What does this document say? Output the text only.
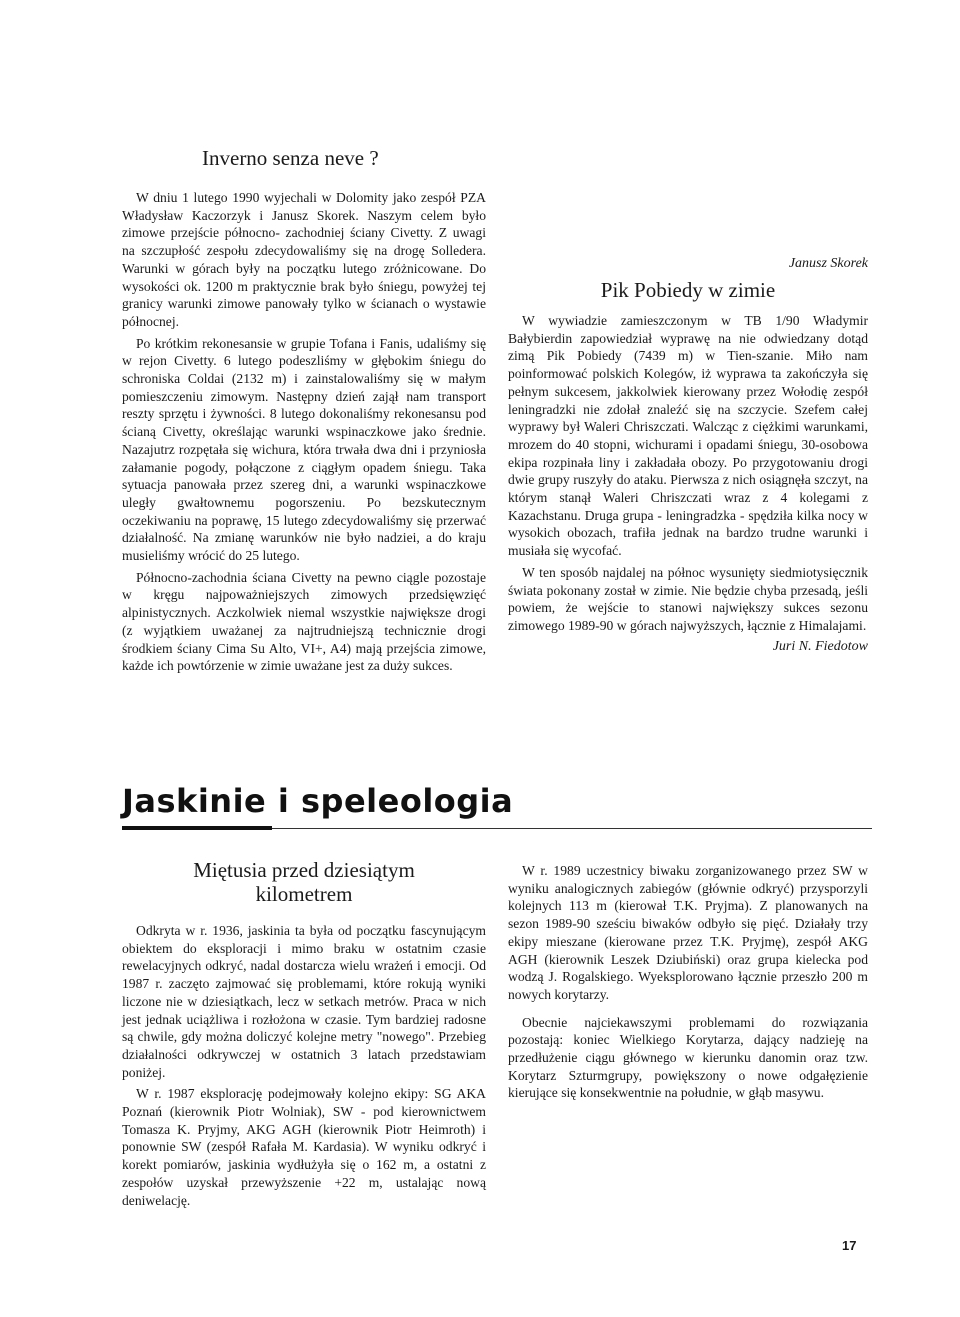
Inverno senza neve ?

W dniu 1 lutego 1990 wyjechali w Dolomity jako zespół PZA Władysław Kaczorzyk i Janusz Skorek. Naszym celem było zimowe przejście północno- zachodniej ściany Civetty. Z uwagi na szczupłość zespołu zdecydowaliśmy się na drogę Solledera. Warunki w górach były na początku lutego zróżnicowane. Do wysokości ok. 1200 m praktycznie brak było śniegu, powyżej tej granicy warunki zimowe panowały tylko w ścianach o wystawie północnej.

Po krótkim rekonesansie w grupie Tofana i Fanis, udaliśmy się w rejon Civetty. 6 lutego podeszliśmy w głębokim śniegu do schroniska Coldai (2132 m) i zainstalowaliśmy się w małym pomieszczeniu zimowym. Następny dzień zajął nam transport reszty sprzętu i żywności. 8 lutego dokonaliśmy rekonesansu pod ścianą Civetty, określając warunki wspinaczkowe jako średnie. Nazajutrz rozpętała się wichura, która trwała dwa dni i przyniosła załamanie pogody, połączone z ciągłym opadem śniegu. Taka sytuacja panowała przez szereg dni, a warunki wspinaczkowe uległy gwałtownemu pogorszeniu. Po bezskutecznym oczekiwaniu na poprawę, 15 lutego zdecydowaliśmy się przerwać działalność. Na zmianę warunków nie było nadziei, a do kraju musieliśmy wrócić do 25 lutego.

Północno-zachodnia ściana Civetty na pewno ciągle pozostaje w kręgu najpoważniejszych zimowych przedsięwzięć alpinistycznych. Aczkolwiek niemal wszystkie największe drogi (z wyjątkiem uważanej za najtrudniejszą technicznie drogi środkiem ściany Cima Su Alto, VI+, A4) mają przejścia zimowe, każde ich powtórzenie w zimie uważane jest za duży sukces.

Janusz Skorek

Pik Pobiedy w zimie

W wywiadzie zamieszczonym w TB 1/90 Władymir Bałybierdin zapowiedział wyprawę na nie odwiedzany dotąd zimą Pik Pobiedy (7439 m) w Tien-szanie. Miło nam poinformować polskich Kolegów, iż wyprawa ta zakończyła się pełnym sukcesem, jakkolwiek kierowany przez Wołodię zespół leningradzki nie zdołał znaleźć się na szczycie. Szefem całej wyprawy był Waleri Chriszczati. Walcząc z ciężkimi warunkami, mrozem do 40 stopni, wichurami i opadami śniegu, 30-osobowa ekipa rozpinała liny i zakładała obozy. Po przygotowaniu drogi dwie grupy ruszyły do ataku. Pierwsza z nich osiągnęła szczyt, na którym stanął Waleri Chriszczati wraz z 4 kolegami z Kazachstanu. Druga grupa - leningradzka - spędziła kilka nocy w wysokich obozach, trafiła jednak na bardzo trudne warunki i musiała się wycofać.

W ten sposób najdalej na północ wysunięty siedmiotysięcznik świata pokonany został w zimie. Nie będzie chyba przesadą, jeśli powiem, że wejście to stanowi największy sukces sezonu zimowego 1989-90 w górach najwyższych, łącznie z Himalajami.

Juri N. Fiedotow

Jaskinie i speleologia
Miętusia przed dziesiątym kilometrem

Odkryta w r. 1936, jaskinia ta była od początku fascynującym obiektem do eksploracji i mimo braku w ostatnim czasie rewelacyjnych odkryć, nadal dostarcza wielu wrażeń i emocji. Od 1987 r. zaczęto zajmować się problemami, które rokują wyniki liczone nie w dziesiątkach, lecz w setkach metrów. Praca w nich jest jednak uciążliwa i rozłożona w czasie. Tym bardziej radosne są chwile, gdy można doliczyć kolejne metry "nowego". Przebieg działalności odkrywczej w ostatnich 3 latach przedstawiam poniżej.

W r. 1987 eksplorację podejmowały kolejno ekipy: SG AKA Poznań (kierownik Piotr Wolniak), SW - pod kierownictwem Tomasza K. Pryjmy, AKG AGH (kierownik Piotr Heimroth) i ponownie SW (zespół Rafała M. Kardasia). W wyniku odkryć i korekt pomiarów, jaskinia wydłużyła się o 162 m, a ostatni z zespołów uzyskał przewyższenie +22 m, ustalając nową deniwelację.

W r. 1989 uczestnicy biwaku zorganizowanego przez SW w wyniku analogicznych zabiegów (głównie odkryć) przysporzyli kolejnych 113 m (kierował T.K. Pryjma). Z planowanych na sezon 1989-90 sześciu biwaków odbyło się pięć. Działały trzy ekipy mieszane (kierowane przez T.K. Pryjmę), zespół AKG AGH (kierownik Leszek Dziubiński) oraz grupa kielecka pod wodzą J. Rogalskiego. Wyeksplorowano łącznie przeszło 200 m nowych korytarzy.

Obecnie najciekawszymi problemami do rozwiązania pozostają: koniec Wielkiego Korytarza, dający nadzieję na przedłużenie ciągu głównego w kierunku danomin oraz tzw. Korytarz Szturmgrupy, powiększony o nowe odgałęzienie kierujące się konsekwentnie na południe, w głąb masywu.

17
